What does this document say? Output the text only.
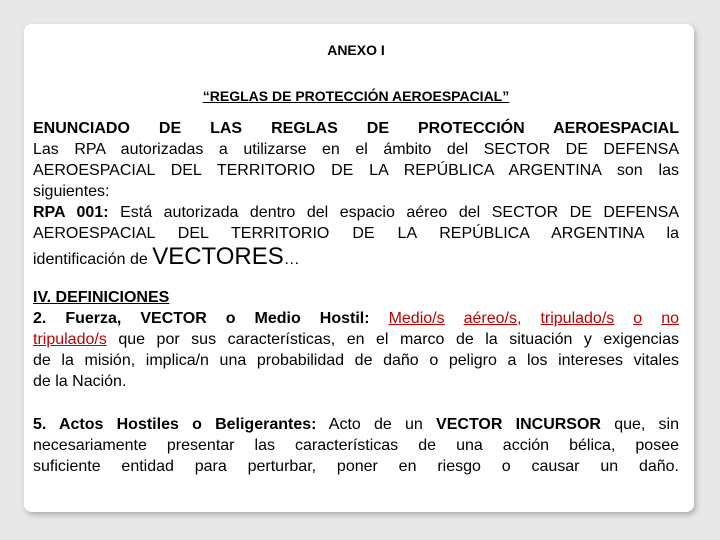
ANEXO I

“REGLAS DE PROTECCIÓN AEROESPACIAL”

ENUNCIADO DE LAS REGLAS DE PROTECCIÓN AEROESPACIAL

Las RPA autorizadas a utilizarse en el ámbito del SECTOR DE DEFENSA

AEROESPACIAL DEL TERRITORIO DE LA REPÚBLICA ARGENTINA son las

siguientes:

RPA 001: Está autorizada dentro del espacio aéreo del SECTOR DE DEFENSA

AEROESPACIAL DEL TERRITORIO DE LA REPÚBLICA ARGENTINA la

identificación de VECTORES…

IV. DEFINICIONES

2. Fuerza, VECTOR o Medio Hostil: Medio/s aéreo/s, tripulado/s o no

tripulado/s que por sus características, en el marco de la situación y exigencias

de la misión, implica/n una probabilidad de daño o peligro a los intereses vitales

de la Nación.

5. Actos Hostiles o Beligerantes: Acto de un VECTOR INCURSOR que, sin

necesariamente presentar las características de una acción bélica, posee

suficiente entidad para perturbar, poner en riesgo o causar un daño.
